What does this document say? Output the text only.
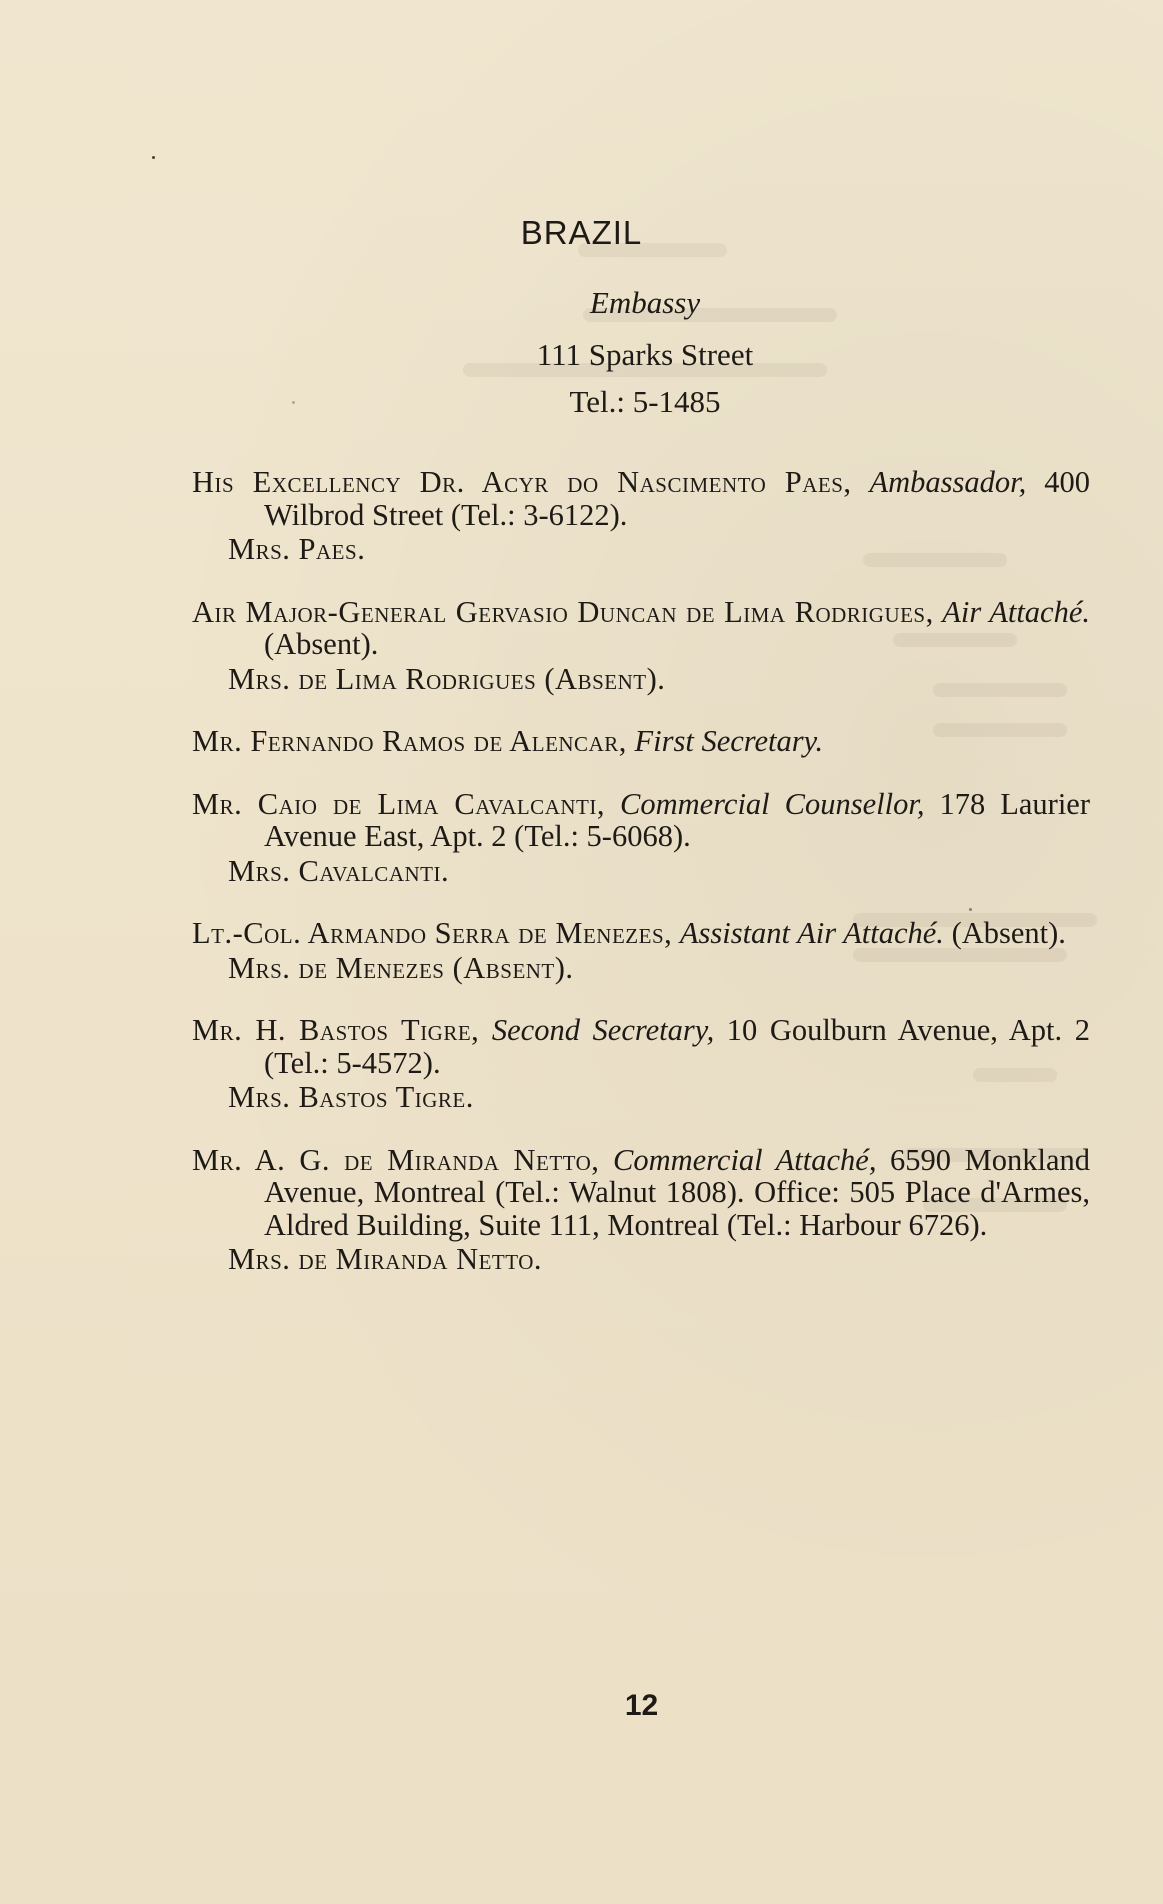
BRAZIL
Embassy
111 Sparks Street
Tel.: 5-1485
His Excellency Dr. Acyr do Nascimento Paes, Ambassador, 400 Wilbrod Street (Tel.: 3-6122).
Mrs. Paes.
Air Major-General Gervasio Duncan de Lima Rodrigues, Air Attaché. (Absent).
Mrs. de Lima Rodrigues (Absent).
Mr. Fernando Ramos de Alencar, First Secretary.
Mr. Caio de Lima Cavalcanti, Commercial Counsellor, 178 Laurier Avenue East, Apt. 2 (Tel.: 5-6068).
Mrs. Cavalcanti.
Lt.-Col. Armando Serra de Menezes, Assistant Air Attaché. (Absent).
Mrs. de Menezes (Absent).
Mr. H. Bastos Tigre, Second Secretary, 10 Goulburn Avenue, Apt. 2 (Tel.: 5-4572).
Mrs. Bastos Tigre.
Mr. A. G. de Miranda Netto, Commercial Attaché, 6590 Monkland Avenue, Montreal (Tel.: Walnut 1808). Office: 505 Place d'Armes, Aldred Building, Suite 111, Montreal (Tel.: Harbour 6726).
Mrs. de Miranda Netto.
12
